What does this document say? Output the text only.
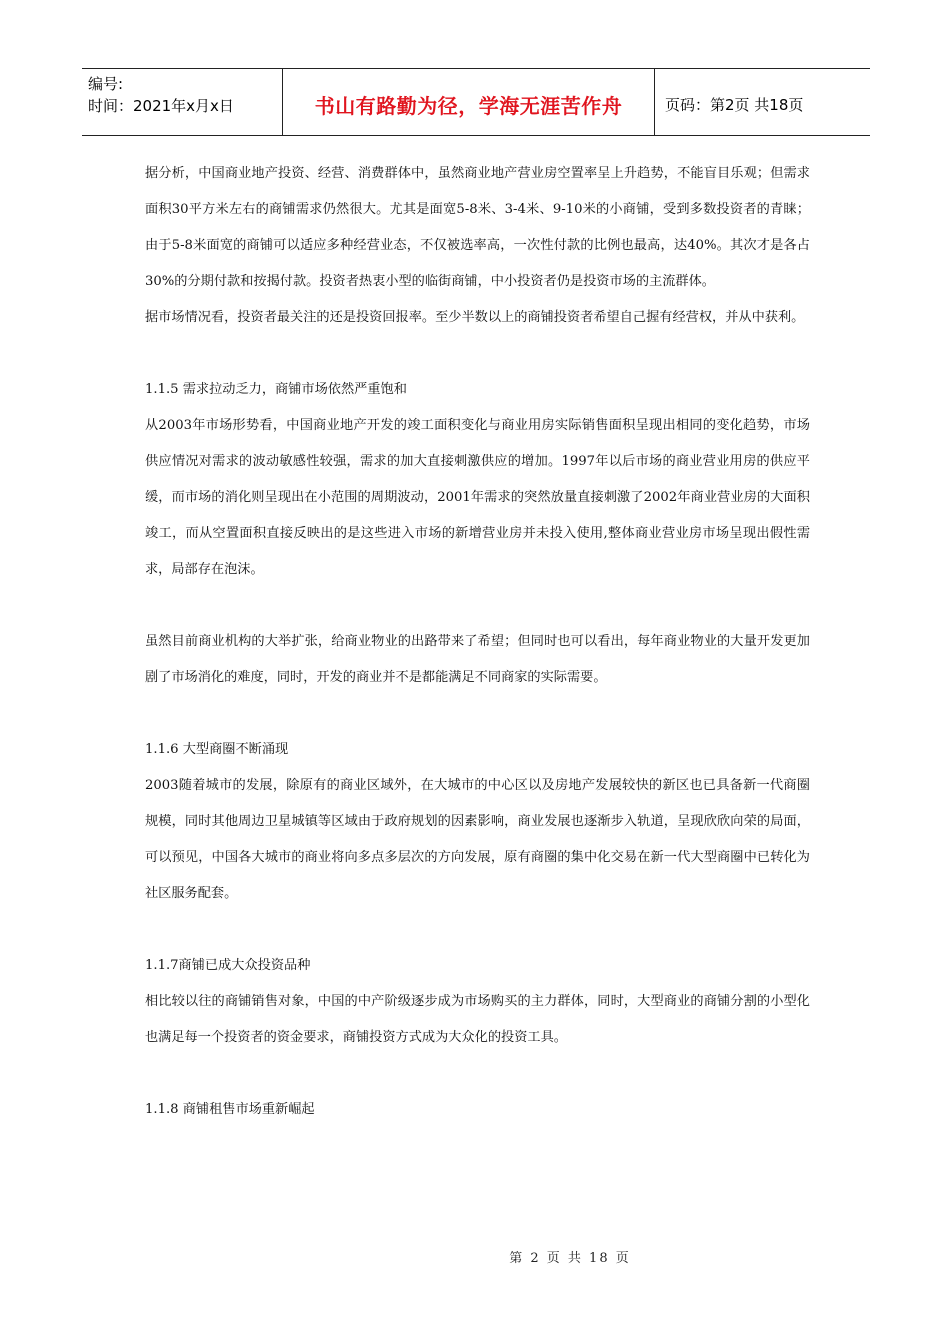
编号:
时间：2021年x月x日	书山有路勤为径，学海无涯苦作舟	页码：第2页 共18页

据分析，中国商业地产投资、经营、消费群体中，虽然商业地产营业房空置率呈上升趋势，不能盲目乐观；但需求面积30平方米左右的商铺需求仍然很大。尤其是面宽5-8米、3-4米、9-10米的小商铺，受到多数投资者的青睐；由于5-8米面宽的商铺可以适应多种经营业态，不仅被选率高，一次性付款的比例也最高，达40%。其次才是各占30%的分期付款和按揭付款。投资者热衷小型的临街商铺，中小投资者仍是投资市场的主流群体。

据市场情况看，投资者最关注的还是投资回报率。至少半数以上的商铺投资者希望自己握有经营权，并从中获利。

1.1.5 需求拉动乏力，商铺市场依然严重饱和

从2003年市场形势看，中国商业地产开发的竣工面积变化与商业用房实际销售面积呈现出相同的变化趋势，市场供应情况对需求的波动敏感性较强，需求的加大直接刺激供应的增加。1997年以后市场的商业营业用房的供应平缓，而市场的消化则呈现出在小范围的周期波动，2001年需求的突然放量直接刺激了2002年商业营业房的大面积竣工，而从空置面积直接反映出的是这些进入市场的新增营业房并未投入使用,整体商业营业房市场呈现出假性需求，局部存在泡沫。

虽然目前商业机构的大举扩张，给商业物业的出路带来了希望；但同时也可以看出，每年商业物业的大量开发更加剧了市场消化的难度，同时，开发的商业并不是都能满足不同商家的实际需要。

1.1.6 大型商圈不断涌现

2003随着城市的发展，除原有的商业区域外，在大城市的中心区以及房地产发展较快的新区也已具备新一代商圈规模，同时其他周边卫星城镇等区域由于政府规划的因素影响，商业发展也逐渐步入轨道，呈现欣欣向荣的局面，可以预见，中国各大城市的商业将向多点多层次的方向发展，原有商圈的集中化交易在新一代大型商圈中已转化为社区服务配套。

1.1.7商铺已成大众投资品种

相比较以往的商铺销售对象，中国的中产阶级逐步成为市场购买的主力群体，同时，大型商业的商铺分割的小型化也满足每一个投资者的资金要求，商铺投资方式成为大众化的投资工具。

1.1.8 商铺租售市场重新崛起

第 2 页 共 18 页
